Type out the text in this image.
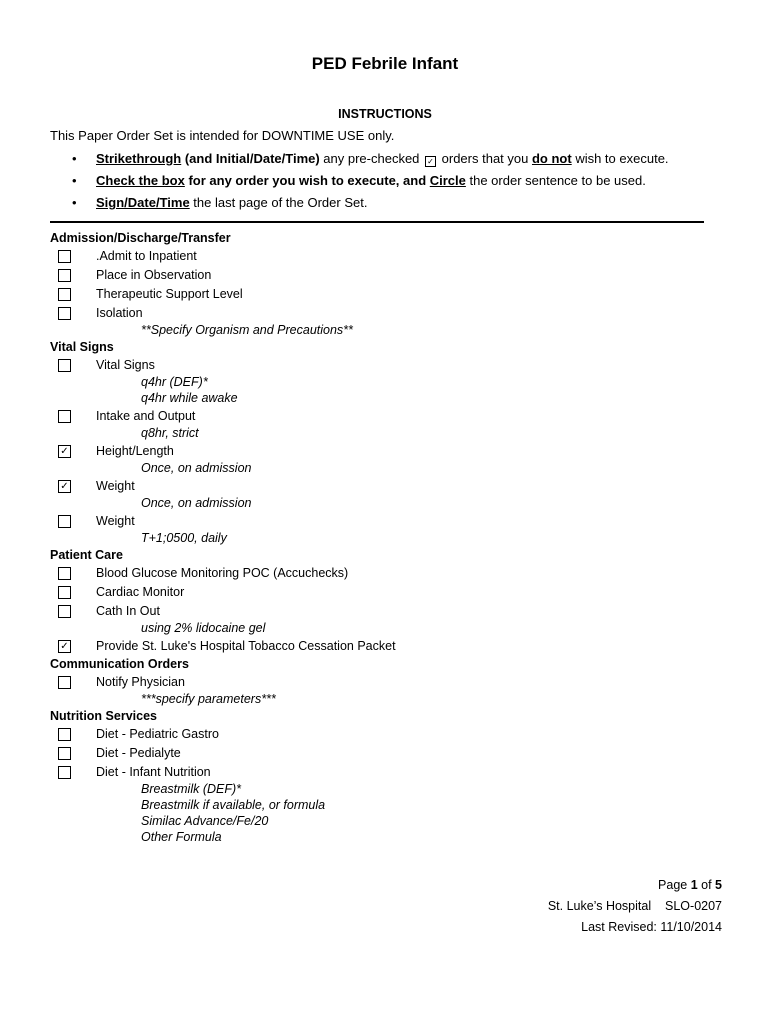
PED Febrile Infant
INSTRUCTIONS
This Paper Order Set is intended for DOWNTIME USE only.
• Strikethrough (and Initial/Date/Time) any pre-checked ✓ orders that you do not wish to execute.
• Check the box for any order you wish to execute, and Circle the order sentence to be used.
• Sign/Date/Time the last page of the Order Set.
Admission/Discharge/Transfer
.Admit to Inpatient
Place in Observation
Therapeutic Support Level
Isolation
**Specify Organism and Precautions**
Vital Signs
Vital Signs
q4hr (DEF)*
q4hr while awake
Intake and Output
q8hr, strict
✓ Height/Length
Once, on admission
✓ Weight
Once, on admission
Weight
T+1;0500, daily
Patient Care
Blood Glucose Monitoring POC (Accuchecks)
Cardiac Monitor
Cath In Out
using 2% lidocaine gel
✓ Provide St. Luke's Hospital Tobacco Cessation Packet
Communication Orders
Notify Physician
***specify parameters***
Nutrition Services
Diet - Pediatric Gastro
Diet - Pedialyte
Diet - Infant Nutrition
Breastmilk (DEF)*
Breastmilk if available, or formula
Similac Advance/Fe/20
Other Formula
Page 1 of 5
St. Luke’s Hospital SLO-0207
Last Revised: 11/10/2014
